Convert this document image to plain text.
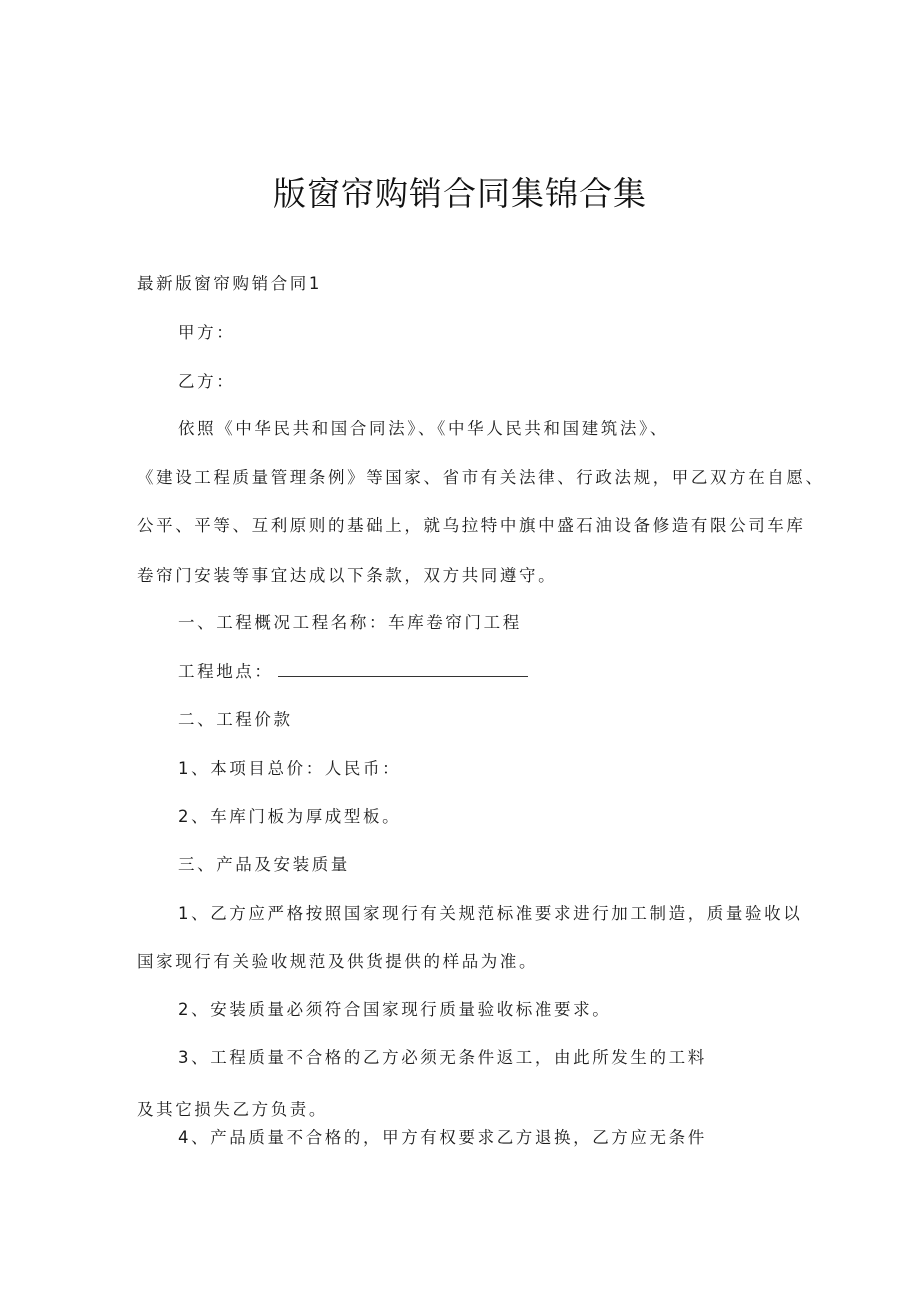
版窗帘购销合同集锦合集
最新版窗帘购销合同1
甲方：
乙方：
依照《中华民共和国合同法》、《中华人民共和国建筑法》、
《建设工程质量管理条例》等国家、省市有关法律、行政法规，甲乙双方在自愿、
公平、平等、互利原则的基础上，就乌拉特中旗中盛石油设备修造有限公司车库
卷帘门安装等事宜达成以下条款，双方共同遵守。
一、工程概况工程名称：车库卷帘门工程
工程地点：
二、工程价款
1、本项目总价：人民币：
2、车库门板为厚成型板。
三、产品及安装质量
1、乙方应严格按照国家现行有关规范标准要求进行加工制造，质量验收以
国家现行有关验收规范及供货提供的样品为准。
2、安装质量必须符合国家现行质量验收标准要求。
3、工程质量不合格的乙方必须无条件返工，由此所发生的工料
及其它损失乙方负责。
4、产品质量不合格的，甲方有权要求乙方退换，乙方应无条件
